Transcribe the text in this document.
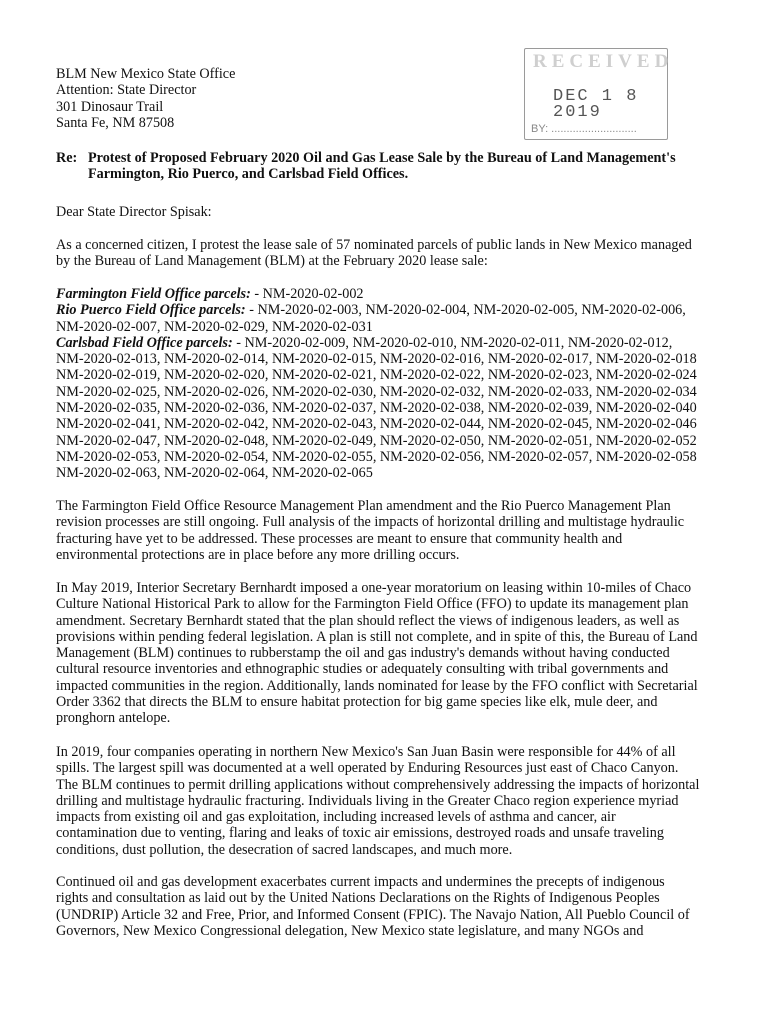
BLM New Mexico State Office
Attention: State Director
301 Dinosaur Trail
Santa Fe, NM 87508
RECEIVED
DEC 1 8 2019
BY: ............................
Re: Protest of Proposed February 2020 Oil and Gas Lease Sale by the Bureau of Land Management's
Farmington, Rio Puerco, and Carlsbad Field Offices.
Dear State Director Spisak:
As a concerned citizen, I protest the lease sale of 57 nominated parcels of public lands in New Mexico managed
by the Bureau of Land Management (BLM) at the February 2020 lease sale:
Farmington Field Office parcels: - NM-2020-02-002
Rio Puerco Field Office parcels: - NM-2020-02-003, NM-2020-02-004, NM-2020-02-005, NM-2020-02-006,
NM-2020-02-007, NM-2020-02-029, NM-2020-02-031
Carlsbad Field Office parcels: - NM-2020-02-009, NM-2020-02-010, NM-2020-02-011, NM-2020-02-012,
NM-2020-02-013, NM-2020-02-014, NM-2020-02-015, NM-2020-02-016, NM-2020-02-017, NM-2020-02-018
NM-2020-02-019, NM-2020-02-020, NM-2020-02-021, NM-2020-02-022, NM-2020-02-023, NM-2020-02-024
NM-2020-02-025, NM-2020-02-026, NM-2020-02-030, NM-2020-02-032, NM-2020-02-033, NM-2020-02-034
NM-2020-02-035, NM-2020-02-036, NM-2020-02-037, NM-2020-02-038, NM-2020-02-039, NM-2020-02-040
NM-2020-02-041, NM-2020-02-042, NM-2020-02-043, NM-2020-02-044, NM-2020-02-045, NM-2020-02-046
NM-2020-02-047, NM-2020-02-048, NM-2020-02-049, NM-2020-02-050, NM-2020-02-051, NM-2020-02-052
NM-2020-02-053, NM-2020-02-054, NM-2020-02-055, NM-2020-02-056, NM-2020-02-057, NM-2020-02-058
NM-2020-02-063, NM-2020-02-064, NM-2020-02-065
The Farmington Field Office Resource Management Plan amendment and the Rio Puerco Management Plan
revision processes are still ongoing. Full analysis of the impacts of horizontal drilling and multistage hydraulic
fracturing have yet to be addressed. These processes are meant to ensure that community health and
environmental protections are in place before any more drilling occurs.
In May 2019, Interior Secretary Bernhardt imposed a one-year moratorium on leasing within 10-miles of Chaco
Culture National Historical Park to allow for the Farmington Field Office (FFO) to update its management plan
amendment. Secretary Bernhardt stated that the plan should reflect the views of indigenous leaders, as well as
provisions within pending federal legislation. A plan is still not complete, and in spite of this, the Bureau of Land
Management (BLM) continues to rubberstamp the oil and gas industry's demands without having conducted
cultural resource inventories and ethnographic studies or adequately consulting with tribal governments and
impacted communities in the region. Additionally, lands nominated for lease by the FFO conflict with Secretarial
Order 3362 that directs the BLM to ensure habitat protection for big game species like elk, mule deer, and
pronghorn antelope.
In 2019, four companies operating in northern New Mexico's San Juan Basin were responsible for 44% of all
spills. The largest spill was documented at a well operated by Enduring Resources just east of Chaco Canyon.
The BLM continues to permit drilling applications without comprehensively addressing the impacts of horizontal
drilling and multistage hydraulic fracturing. Individuals living in the Greater Chaco region experience myriad
impacts from existing oil and gas exploitation, including increased levels of asthma and cancer, air
contamination due to venting, flaring and leaks of toxic air emissions, destroyed roads and unsafe traveling
conditions, dust pollution, the desecration of sacred landscapes, and much more.
Continued oil and gas development exacerbates current impacts and undermines the precepts of indigenous
rights and consultation as laid out by the United Nations Declarations on the Rights of Indigenous Peoples
(UNDRIP) Article 32 and Free, Prior, and Informed Consent (FPIC). The Navajo Nation, All Pueblo Council of
Governors, New Mexico Congressional delegation, New Mexico state legislature, and many NGOs and
